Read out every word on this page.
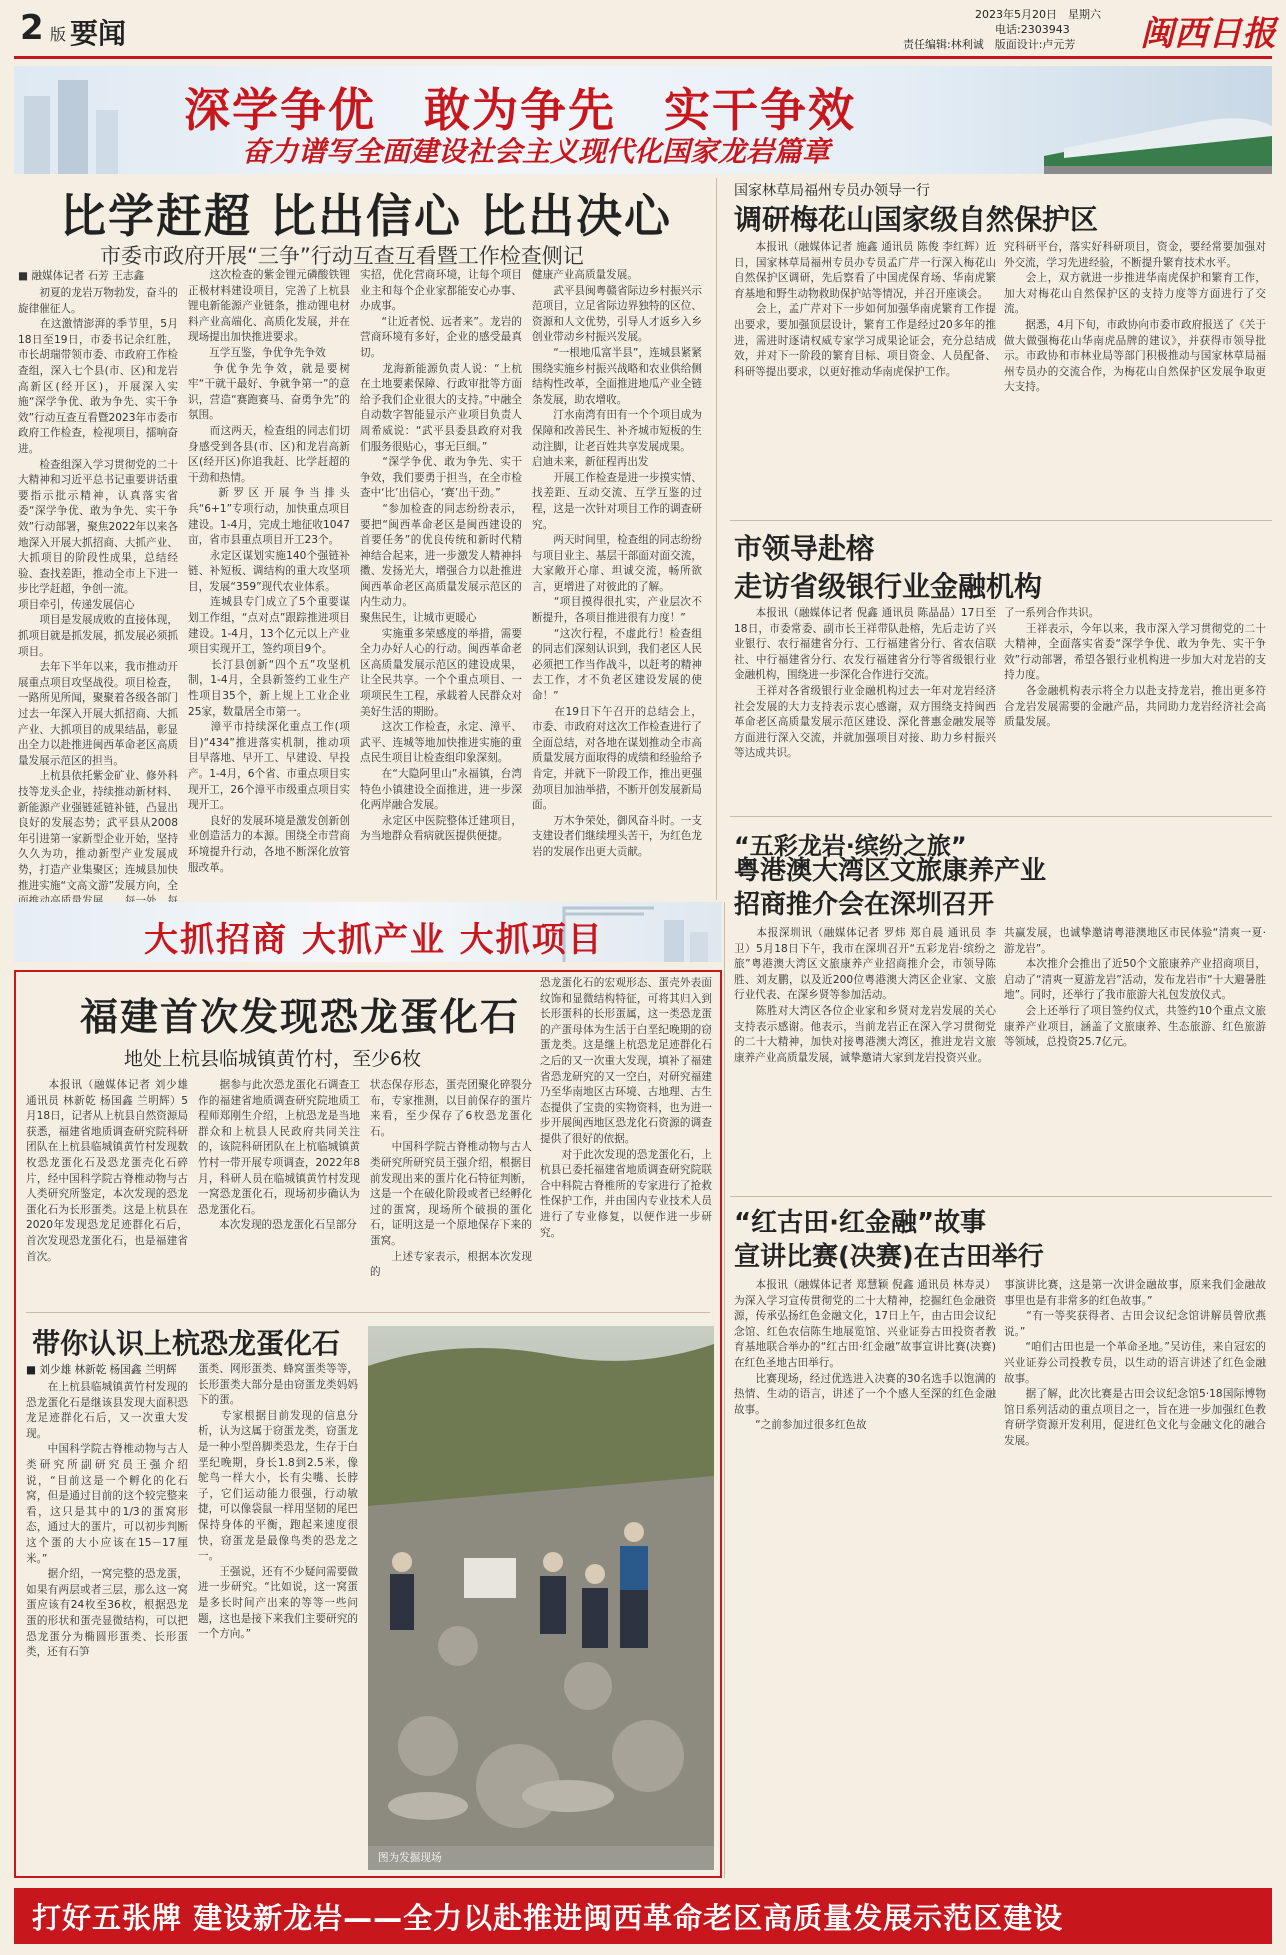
2 版 要闻
2023年5月20日　星期六
电话:2303943
责任编辑:林利诚　版面设计:卢元芳 闽西日报
深学争优　敢为争先　实干争效
奋力谱写全面建设社会主义现代化国家龙岩篇章
比学赶超 比出信心 比出决心
市委市政府开展“三争”行动互查互看暨工作检查侧记
■ 融媒体记者 石芳 王志鑫
　　初夏的龙岩万物勃发，奋斗的旋律催征人。
　　在这激情澎湃的季节里，5月18日至19日，市委书记余红胜，市长胡瑞带领市委、市政府工作检查组，深入七个县(市、区)和龙岩高新区(经开区)，开展深入实施“深学争优、敢为争先、实干争效”行动互查互看暨2023年市委市政府工作检查，检视项目，擂响奋进。
　　检查组深入学习贯彻党的二十大精神和习近平总书记重要讲话重要指示批示精神，认真落实省委“深学争优、敢为争先、实干争效”行动部署，聚焦2022年以来各地深入开展大抓招商、大抓产业、大抓项目的阶段性成果，总结经验、查找差距，推动全市上下进一步比学赶超，争创一流。
项目牵引，传递发展信心
　　项目是发展成败的直接体现，抓项目就是抓发展，抓发展必须抓项目。
　　去年下半年以来，我市推动开展重点项目攻坚战役。项目检查，一路所见所闻，聚聚着各级各部门过去一年深入开展大抓招商、大抓产业、大抓项目的成果结晶，彰显出全力以赴推进闽西革命老区高质量发展示范区的担当。
　　上杭县依托紫金矿业、修外科技等龙头企业，持续推动新材料、新能源产业强链延链补链，凸显出良好的发展态势；武平县从2008年引进第一家新型企业开始，坚持久久为功，推动新型产业发展成势，打造产业集聚区；连城县加快推进实施“文高文游”发展方向，全

　　这次检查的紫金锂元磷酸铁锂正极材料建设项目，完善了上杭县锂电新能源产业链条，推动锂电材料产业高端化、高质化发展，并在现场提出加快推进要求。
　　互学互鉴，争优争先争效
　　争优争先争效，就是要树牢“干就干最好、争就争第一”的意识，营造“赛跑赛马、奋勇争先”的氛围。
　　而这两天，检查组的同志们切身感受到各县(市、区)和龙岩高新区(经开区)你追我赶、比学赶超的干劲和热情。
　　新罗区开展争当排头兵“6+1”专项行动，加快重点项目建设。1-4月，完成土地征收1047亩，省市县重点项目开工23个。
　　永定区谋划实施140个强链补链、补短板、调结构的重大攻坚项目，发展“359”现代农业体系。
　　连城县专门成立了5个重要谋划工作组，“点对点”跟踪推进项目建设。1-4月，13个亿元以上产业项目实现开工，签约项目9个。
　　长汀县创新“四个五”攻坚机制，1-4月，全县新签约工业生产性项目35个，新上规上工业企业25家，数量居全市第一。
　　漳平市持续深化重点工作(项目)“434”推进落实机制，推动项目早落地、早开工、早建设、早投产。1-4月，6个省、市重点项目实现开工，26个漳平市级重点项目实现开工。
　　良好的发展环境是激发创新创业创造活力的本源。围绕全市营商环境提升行动，各地不断深化放管服改革。
实招，优化营商环境，让每个项目业主和每个企业家都能安心办事、办成事。
　　“让近者悦、远者来”。龙岩的营商环境有多好，企业的感受最真切。
　　龙海新能源负责人说：“上杭在土地要素保障、行政审批等方面给予我们企业很大的支持。”中融全自动数字智能显示产业项目负责人周希威说：“武平县委县政府对我们服务很贴心，事无巨细。”
　　“深学争优、敢为争先、实干争效，我们要勇于担当，在全市检查中‘比’出信心，‘赛’出干劲。”
　　“参加检查的同志纷纷表示，要把“闽西革命老区是闽西建设的首要任务”的优良传统和新时代精神结合起来，进一步激发人精神抖擞、发扬光大，增强合力以赴推进闽西革命老区高质量发展示范区的内生动力。
聚焦民生，让城市更暖心
　　实施重多荣感度的举措，需要全力办好人心的行动。闽西革命老区高质量发展示范区的建设成果，让全民共享。一个个重点项目、一项项民生工程，承载着人民群众对美好生活的期盼。
　　这次工作检查，永定、漳平、武平、连城等地加快推进实施的重点民生项目让检查组印象深刻。
　　在“大隐阿里山”永福镇，台湾特色小镇建设全面推进，进一步深化两岸融合发展。
　　永定区中医院整体迁建项目，为当地群众看病就医提供便捷。
健康产业高质量发展。
　　武平县闽粤赣省际边乡村振兴示范项目，立足省际边界独特的区位、资源和人文优势，引导人才返乡入乡创业带动乡村振兴发展。
　　“一根地瓜富半县”，连城县紧紧围绕实施乡村振兴战略和农业供给侧结构性改革，全面推进地瓜产业全链条发展，助农增收。
　　汀水南湾有田有一个个项目成为保障和改善民生、补齐城市短板的生动注脚，让老百姓共享发展成果。
启迪未来，新征程再出发
　　开展工作检查是进一步摸实情、找差距、互动交流、互学互鉴的过程，这是一次针对项目工作的调查研究。
　　两天时间里，检查组的同志纷纷与项目业主、基层干部面对面交流，大家敞开心扉、坦诚交流，畅所欲言，更增进了对彼此的了解。
　　“项目摸得很扎实，产业层次不断提升，各项目推进很有力度！”
　　“这次行程，不虚此行！检查组的同志们深刻认识到，我们老区人民必须把工作当作战斗，以赶考的精神去工作，才不负老区建设发展的使命！”
　　在19日下午召开的总结会上，市委、市政府对这次工作检查进行了全面总结，对各地在谋划推动全市高质量发展方面取得的成绩和经验给予肯定，并就下一阶段工作，推出更强劲项目加油举措，不断开创发展新局面。
　　万木争荣处，御风奋斗时。一支支建设者们继续埋头苦干，为红色龙岩的发展作出更大贡献。
国家林草局福州专员办领导一行
调研梅花山国家级自然保护区
　　本报讯（融媒体记者 施鑫 通讯员 陈俊 李红辉）近日，国家林草局福州专员办专员孟广芹一行深入梅花山自然保护区调研，先后察看了中国虎保育场、华南虎繁育基地和野生动物救助保护站等情况，并召开座谈会。
　　会上，孟广芹对下一步如何加强华南虎繁育工作提出要求，要加强顶层设计，繁育工作是经过20多年的推进，需进时逐请权威专家学习成果论证会，充分总结成效，并对下一阶段的繁育目标、项目资金、人员配备、科研等提出要求，以更好推动华南虎保护工作。
究科研平台，落实好科研项目，资金，要经常要加强对外交流，学习先进经验，不断提升繁育技术水平。
　　会上，双方就进一步推进华南虎保护和繁育工作，加大对梅花山自然保护区的支持力度等方面进行了交流。
　　据悉，4月下旬，市政协向市委市政府报送了《关于做大做强梅花山华南虎品牌的建议》，并获得市领导批示。市政协和市林业局等部门积极推动与国家林草局福州专员办的交流合作，为梅花山自然保护区发展争取更大支持。
市领导赴榕
走访省级银行业金融机构
　　本报讯（融媒体记者 倪鑫 通讯员 陈晶晶）17日至18日，市委常委、副市长王祥带队赴榕，先后走访了兴业银行、农行福建省分行、工行福建省分行、省农信联社、中行福建省分行、农发行福建省分行等省级银行业金融机构，围绕进一步深化合作进行交流。
　　王祥对各省级银行业金融机构过去一年对龙岩经济社会发展的大力支持表示衷心感谢，双方围绕支持闽西革命老区高质量发展示范区建设、深化普惠金融发展等方面进行深入交流，并就加强项目对接、助力乡村振兴等达成共识。
了一系列合作共识。
　　王祥表示，今年以来，我市深入学习贯彻党的二十大精神，全面落实省委“深学争优、敢为争先、实干争效”行动部署，希望各银行业机构进一步加大对龙岩的支持力度。
　　各金融机构表示将全力以赴支持龙岩，推出更多符合龙岩发展需要的金融产品，共同助力龙岩经济社会高质量发展。
“五彩龙岩·缤纷之旅”
粤港澳大湾区文旅康养产业
招商推介会在深圳召开
　　本报深圳讯（融媒体记者 罗炜 郑自晨 通讯员 李卫）5月18日下午，我市在深圳召开“五彩龙岩·缤纷之旅”粤港澳大湾区文旅康养产业招商推介会，市领导陈胜、刘友鹏，以及近200位粤港澳大湾区企业家、文旅行业代表、在深乡贤等参加活动。
　　陈胜对大湾区各位企业家和乡贤对龙岩发展的关心支持表示感谢。他表示，当前龙岩正在深入学习贯彻党的二十大精神，加快对接粤港澳大湾区，推进龙岩文旅康养产业高质量发展，诚挚邀请大家到龙岩投资兴业。
共赢发展，也诚挚邀请粤港澳地区市民体验“清爽一夏·游龙岩”。
　　本次推介会推出了近50个文旅康养产业招商项目，启动了“清爽一夏游龙岩”活动，发布龙岩市“十大避暑胜地”。同时，还举行了我市旅游大礼包发放仪式。
　　会上还举行了项目签约仪式，共签约10个重点文旅康养产业项目，涵盖了文旅康养、生态旅游、红色旅游等领域，总投资25.7亿元。
大抓招商 大抓产业 大抓项目
福建首次发现恐龙蛋化石
地处上杭县临城镇黄竹村，至少6枚
　　本报讯（融媒体记者 刘少雄 通讯员 林新乾 杨国鑫 兰明辉）5月18日，记者从上杭县自然资源局获悉，福建省地质调查研究院科研团队在上杭县临城镇黄竹村发现数枚恐龙蛋化石及恐龙蛋壳化石碎片，经中国科学院古脊椎动物与古人类研究所鉴定，本次发现的恐龙蛋化石为长形蛋类。这是上杭县在2020年发现恐龙足迹群化石后，首次发现恐龙蛋化石，也是福建省首次。
　　据参与此次恐龙蛋化石调查工作的福建省地质调查研究院地质工程师郑刚生介绍，上杭恐龙是当地群众和上杭县人民政府共同关注的，该院科研团队在上杭临城镇黄竹村一带开展专项调查，2022年8月，科研人员在临城镇黄竹村发现一窝恐龙蛋化石，现场初步确认为恐龙蛋化石。
　　本次发现的恐龙蛋化石呈部分
状态保存形态，蛋壳团聚化碎裂分布，专家推测，以目前保存的蛋片来看，至少保存了6枚恐龙蛋化石。
　　中国科学院古脊椎动物与古人类研究所研究员王强介绍，根据目前发现出来的蛋片化石特征判断，这是一个在破化阶段或者已经孵化过的蛋窝，现场所个破损的蛋化石，证明这是一个原地保存下来的蛋窝。
　　上述专家表示，根据本次发现的
恐龙蛋化石的宏观形态、蛋壳外表面纹饰和显微结构特征，可将其归入到长形蛋科的长形蛋属，这一类恐龙蛋的产蛋母体为生活于白垩纪晚期的窃蛋龙类。这是继上杭恐龙足迹群化石之后的又一次重大发现，填补了福建省恐龙研究的又一空白，对研究福建乃至华南地区古环境、古地理、古生态提供了宝贵的实物资料，也为进一步开展闽西地区恐龙化石资源的调查提供了很好的依据。
　　对于此次发现的恐龙蛋化石，上杭县已委托福建省地质调查研究院联合中科院古脊椎所的专家进行了抢救性保护工作，并由国内专业技术人员进行了专业修复，以便作进一步研究。
带你认识上杭恐龙蛋化石
■ 刘少雄 林新乾 杨国鑫 兰明辉
　　在上杭县临城镇黄竹村发现的恐龙蛋化石是继该县发现大面积恐龙足迹群化石后，又一次重大发现。
　　中国科学院古脊椎动物与古人类研究所副研究员王强介绍说，“目前这是一个孵化的化石窝，但是通过目前的这个较完整来看，这只是其中的1/3的蛋窝形态，通过大的蛋片，可以初步判断这个蛋的大小应该在15－17厘米。”
　　据介绍，一窝完整的恐龙蛋，如果有两层或者三层，那么这一窝蛋应该有24枚至36枚，根据恐龙蛋的形状和蛋壳显微结构，可以把恐龙蛋分为椭圆形蛋类、长形蛋类，还有石笋
蛋类、网形蛋类、蜂窝蛋类等等，长形蛋类大部分是由窃蛋龙类妈妈下的蛋。
　　专家根据目前发现的信息分析，认为这属于窃蛋龙类，窃蛋龙是一种小型兽脚类恐龙，生存于白垩纪晚期，身长1.8到2.5米，像鸵鸟一样大小，长有尖嘴、长脖子，它们运动能力很强，行动敏捷，可以像袋鼠一样用坚韧的尾巴保持身体的平衡，跑起来速度很快，窃蛋龙是最像鸟类的恐龙之一。
　　王强说，还有不少疑问需要做进一步研究。“比如说，这一窝蛋是多长时间产出来的等等一些问题，这也是接下来我们主要研究的一个方向。”
图为发掘现场
“红古田·红金融”故事
宣讲比赛(决赛)在古田举行
　　本报讯（融媒体记者 郑慧颖 倪鑫 通讯员 林寿灵）为深入学习宣传贯彻党的二十大精神，挖掘红色金融资源，传承弘扬红色金融文化，17日上午，由古田会议纪念馆、红色农信陈生地展览馆、兴业证券古田投资者教育基地联合举办的“红古田·红金融”故事宣讲比赛(决赛)在红色圣地古田举行。
　　比赛现场，经过优选进入决赛的30名选手以饱满的热情、生动的语言，讲述了一个个感人至深的红色金融故事。
　　“之前参加过很多红色故
事演讲比赛，这是第一次讲金融故事，原来我们金融故事里也是有非常多的红色故事。”
　　“有一等奖获得者、古田会议纪念馆讲解员曾欣燕说。”
　　“咱们古田也是一个革命圣地。”吴访佳，来自冠宏的兴业证券公司投教专员，以生动的语言讲述了红色金融故事。
　　据了解，此次比赛是古田会议纪念馆5·18国际博物馆日系列活动的重点项目之一，旨在进一步加强红色教育研学资源开发利用，促进红色文化与金融文化的融合发展。
打好五张牌 建设新龙岩——全力以赴推进闽西革命老区高质量发展示范区建设
